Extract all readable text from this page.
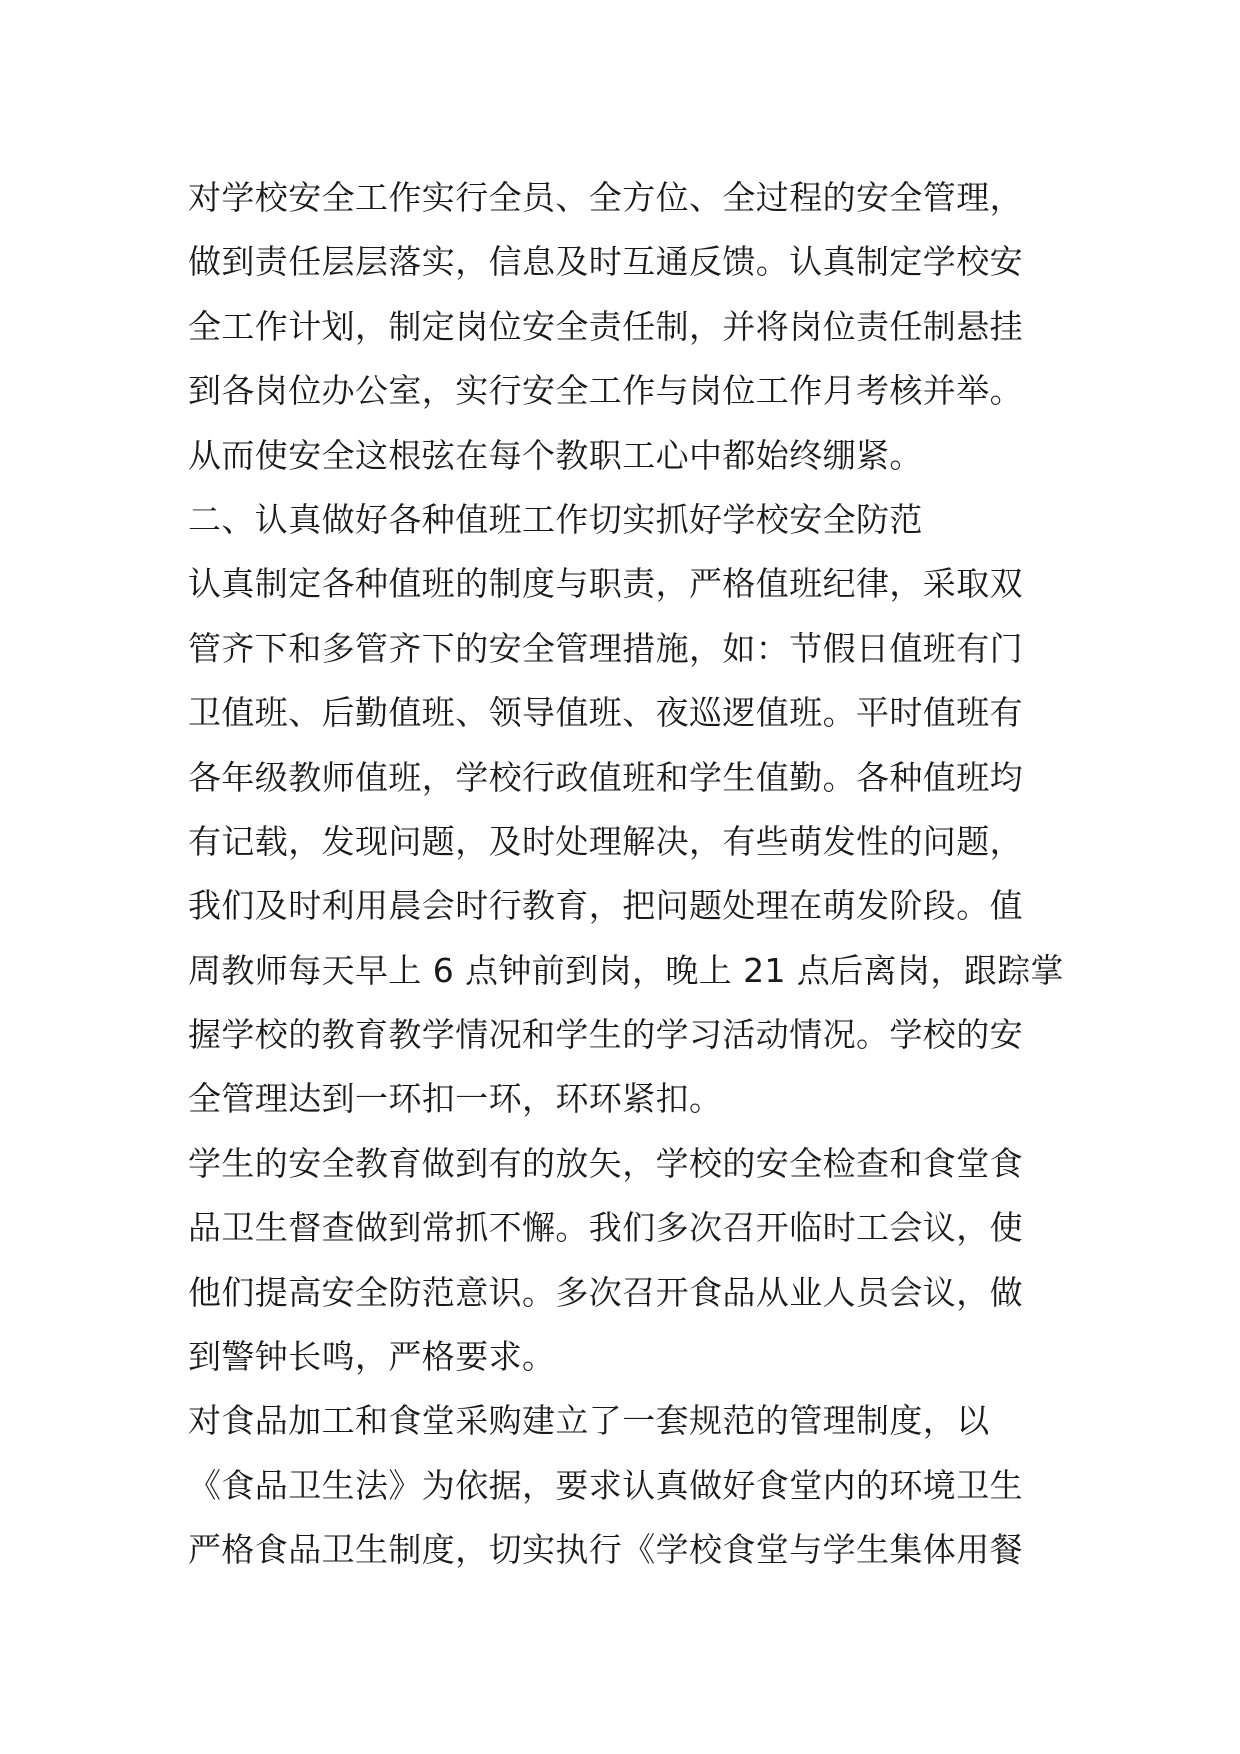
对学校安全工作实行全员、全方位、全过程的安全管理，
做到责任层层落实，信息及时互通反馈。认真制定学校安
全工作计划，制定岗位安全责任制，并将岗位责任制悬挂
到各岗位办公室，实行安全工作与岗位工作月考核并举。
从而使安全这根弦在每个教职工心中都始终绷紧。
二、认真做好各种值班工作切实抓好学校安全防范
认真制定各种值班的制度与职责，严格值班纪律，采取双
管齐下和多管齐下的安全管理措施，如：节假日值班有门
卫值班、后勤值班、领导值班、夜巡逻值班。平时值班有
各年级教师值班，学校行政值班和学生值勤。各种值班均
有记载，发现问题，及时处理解决，有些萌发性的问题，
我们及时利用晨会时行教育，把问题处理在萌发阶段。值
周教师每天早上 6 点钟前到岗，晚上 21 点后离岗，跟踪掌
握学校的教育教学情况和学生的学习活动情况。学校的安
全管理达到一环扣一环，环环紧扣。
学生的安全教育做到有的放矢，学校的安全检查和食堂食
品卫生督查做到常抓不懈。我们多次召开临时工会议，使
他们提高安全防范意识。多次召开食品从业人员会议，做
到警钟长鸣，严格要求。
对食品加工和食堂采购建立了一套规范的管理制度，以
《食品卫生法》为依据，要求认真做好食堂内的环境卫生
严格食品卫生制度，切实执行《学校食堂与学生集体用餐
